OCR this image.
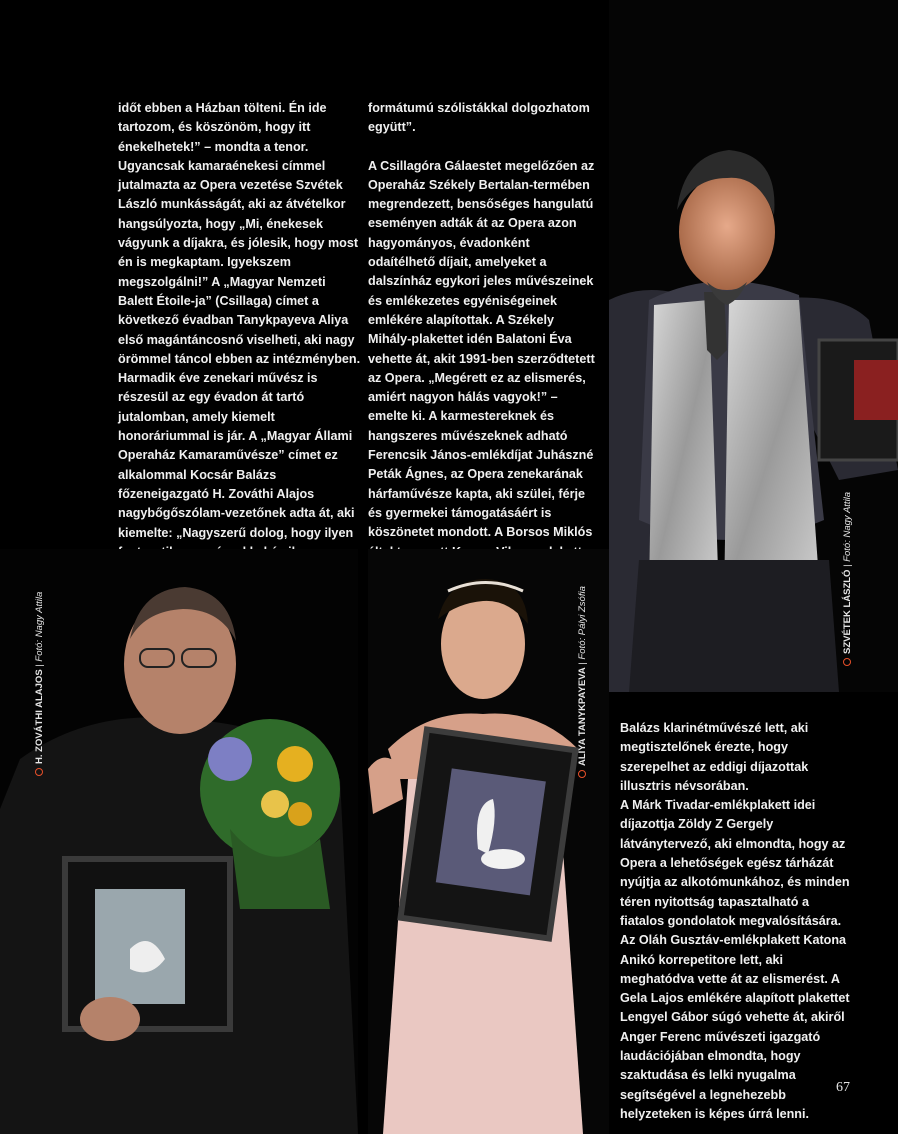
időt ebben a Házban tölteni. Én ide tartozom, és köszönöm, hogy itt énekelhetek!” – mondta a tenor. Ugyancsak kamaraénekesi címmel jutalmazta az Opera vezetése Szvétek László munkásságát, aki az átvételkor hangsúlyozta, hogy „Mi, énekesek vágyunk a díjakra, és jólesik, hogy most én is megkaptam. Igyekszem megszolgálni!” A „Magyar Nemzeti Balett Étoile-ja” (Csillaga) címet a következő évadban Tanykpayeva Aliya első magántáncosnő viselheti, aki nagy örömmel táncol ebben az intézményben. Harmadik éve zenekari művész is részesül az egy évadon át tartó jutalomban, amely kiemelt honoráriummal is jár. A „Magyar Állami Operaház Kamaraművésze” címet ez alkalommal Kocsár Balázs főzeneigazgató H. Zováthi Alajos nagybőgőszólam-vezetőnek adta át, aki kiemelte: „Nagyszerű dolog, hogy ilyen

formátumú szólistákkal dolgozhatom együtt”.

A Csillagóra Gálaestet megelőzően az Operaház Székely Bertalan-termében megrendezett, bensőséges hangulatú eseményen adták át az Opera azon hagyományos, évadonként odaítélhető díjait, amelyeket a dalszínház egykori jeles művészeinek és emlékezetes egyéniségeinek emlékére alapítottak. A Székely Mihály-plakettet idén Balatoni Éva vehette át, akit 1991-ben szerződtetett az Opera. „Megérett ez az elismerés, amiért nagyon hálás vagyok!” – emelte ki. A karmestereknek és hangszeres művészeknek adható Ferencsik János-emlékdíjat Juhászné Peták Ágnes, az Opera zenekarának hárfaművésze kapta, aki szülei, férje és gyermekei támogatásáért is köszönetet mondott. A Borsos Miklós

Balázs klarinétművészé lett, aki megtisztelőnek érezte, hogy szerepelhet az eddigi díjazottak illusztris névsorában.

A Márk Tivadar-emlékplakett idei díjazottja Zöldy Z Gergely látványtervező, aki elmondta, hogy az Opera a lehetőségek egész tárházát nyújtja az alkotómunkához, és minden téren nyitottság tapasztalható a fiatalos gondolatok megvalósítására.

Az Oláh Gusztáv-emlékplakett Katona Anikó korrepetitore lett, aki meghatódva vette át az elismerést. A Gela Lajos emlékére alapított plakettet Lengyel Gábor súgó vehette át, akiről Anger Ferenc művészeti igazgató laudációjában elmondta, hogy szaktudása és lelki nyugalma segítségével a legnehezebb helyzeteken is képes úrrá lenni.

SZVÉTEK LÁSZLÓ | Fotó: Nagy Attila
H. ZOVÁTHI ALAJOS | Fotó: Nagy Attila
ALIYA TANYKPAYEVA | Fotó: Pályi Zsófia
67
